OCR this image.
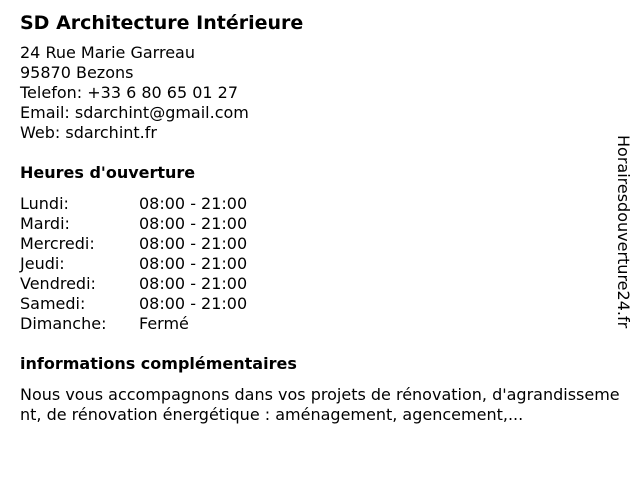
SD Architecture Intérieure
24 Rue Marie Garreau
95870 Bezons
Telefon: +33 6 80 65 01 27
Email: sdarchint@gmail.com
Web: sdarchint.fr
Heures d'ouverture
Lundi:	08:00 - 21:00
Mardi:	08:00 - 21:00
Mercredi:	08:00 - 21:00
Jeudi:	08:00 - 21:00
Vendredi:	08:00 - 21:00
Samedi:	08:00 - 21:00
Dimanche: Fermé
informations complémentaires
Nous vous accompagnons dans vos projets de rénovation, d'agrandissement, de rénovation énergétique : aménagement, agencement,...
Horairesdouverture24.fr
